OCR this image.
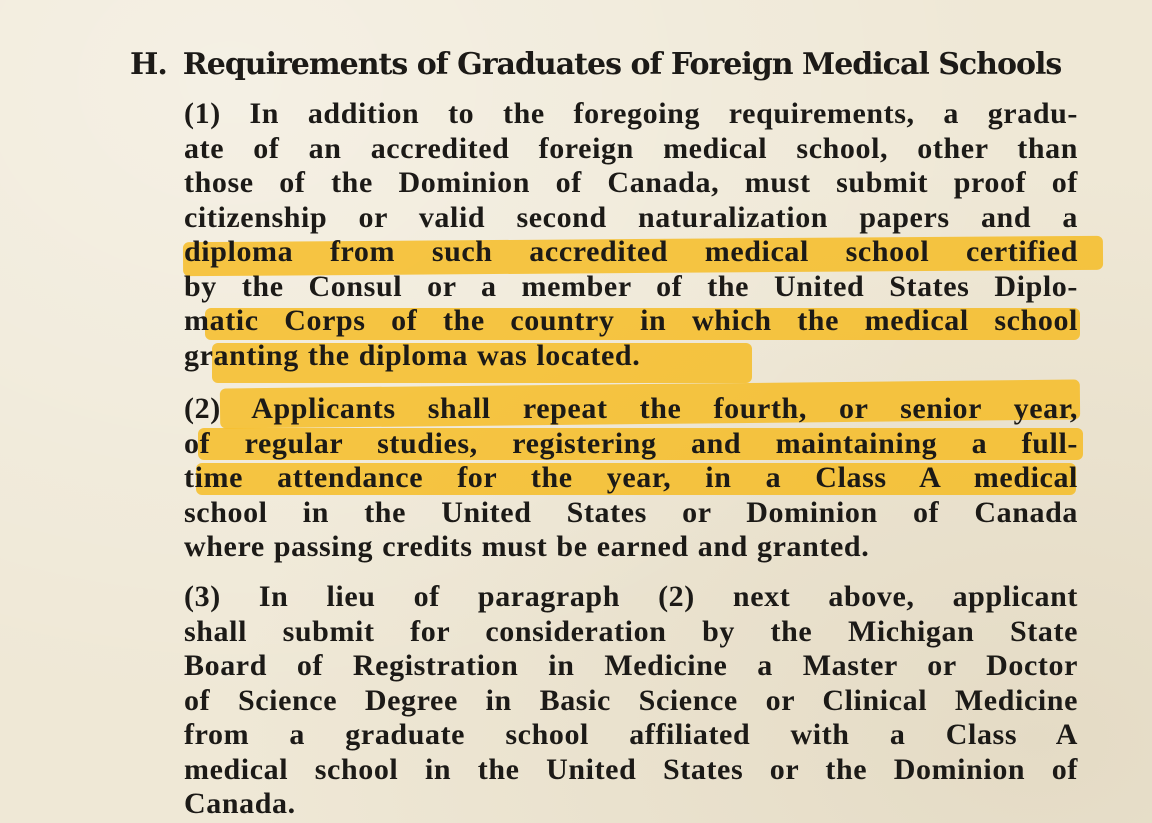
H. Requirements of Graduates of Foreign Medical Schools
(1) In addition to the foregoing requirements, a gradu-
ate of an accredited foreign medical school, other than
those of the Dominion of Canada, must submit proof of
citizenship or valid second naturalization papers and a
diploma from such accredited medical school certified
by the Consul or a member of the United States Diplo-
matic Corps of the country in which the medical school
granting the diploma was located.
(2) Applicants shall repeat the fourth, or senior year,
of regular studies, registering and maintaining a full-
time attendance for the year, in a Class A medical
school in the United States or Dominion of Canada
where passing credits must be earned and granted.
(3) In lieu of paragraph (2) next above, applicant
shall submit for consideration by the Michigan State
Board of Registration in Medicine a Master or Doctor
of Science Degree in Basic Science or Clinical Medicine
from a graduate school affiliated with a Class A
medical school in the United States or the Dominion of
Canada.
